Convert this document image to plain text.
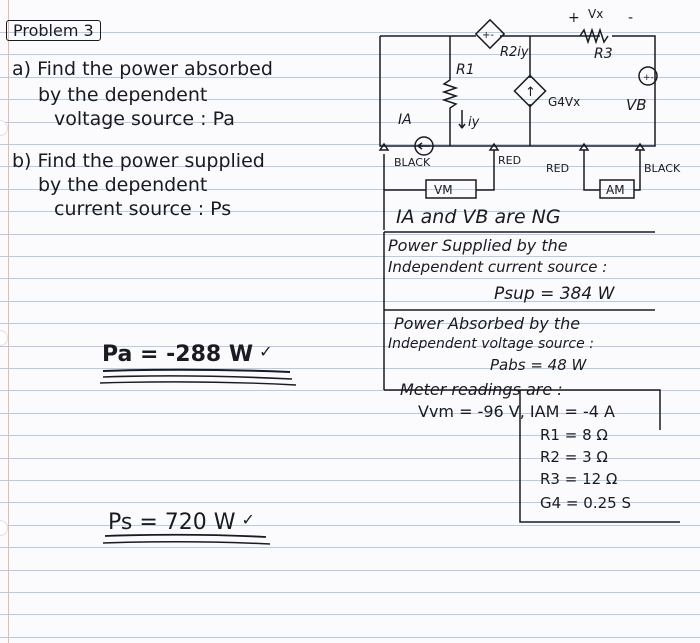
Problem 3
a) Find the power absorbed
by the dependent
voltage source : Pa
b) Find the power supplied
by the dependent
current source : Ps
Pa = -288 W ✓
Ps = 720 W ✓
+-
R2iy
+ Vx -
R3
R1	+-
↑
G4Vx	VB
IA	iy
BLACK	RED
RED	BLACK
VM	AM
IA and VB are NG
Power Supplied by the
Independent current source :
Psup = 384 W
Power Absorbed by the
Independent voltage source :
Pabs = 48 W
Meter readings are :
Vvm = -96 V, IAM = -4 A
R1 = 8 Ω
R2 = 3 Ω
R3 = 12 Ω
G4 = 0.25 S
